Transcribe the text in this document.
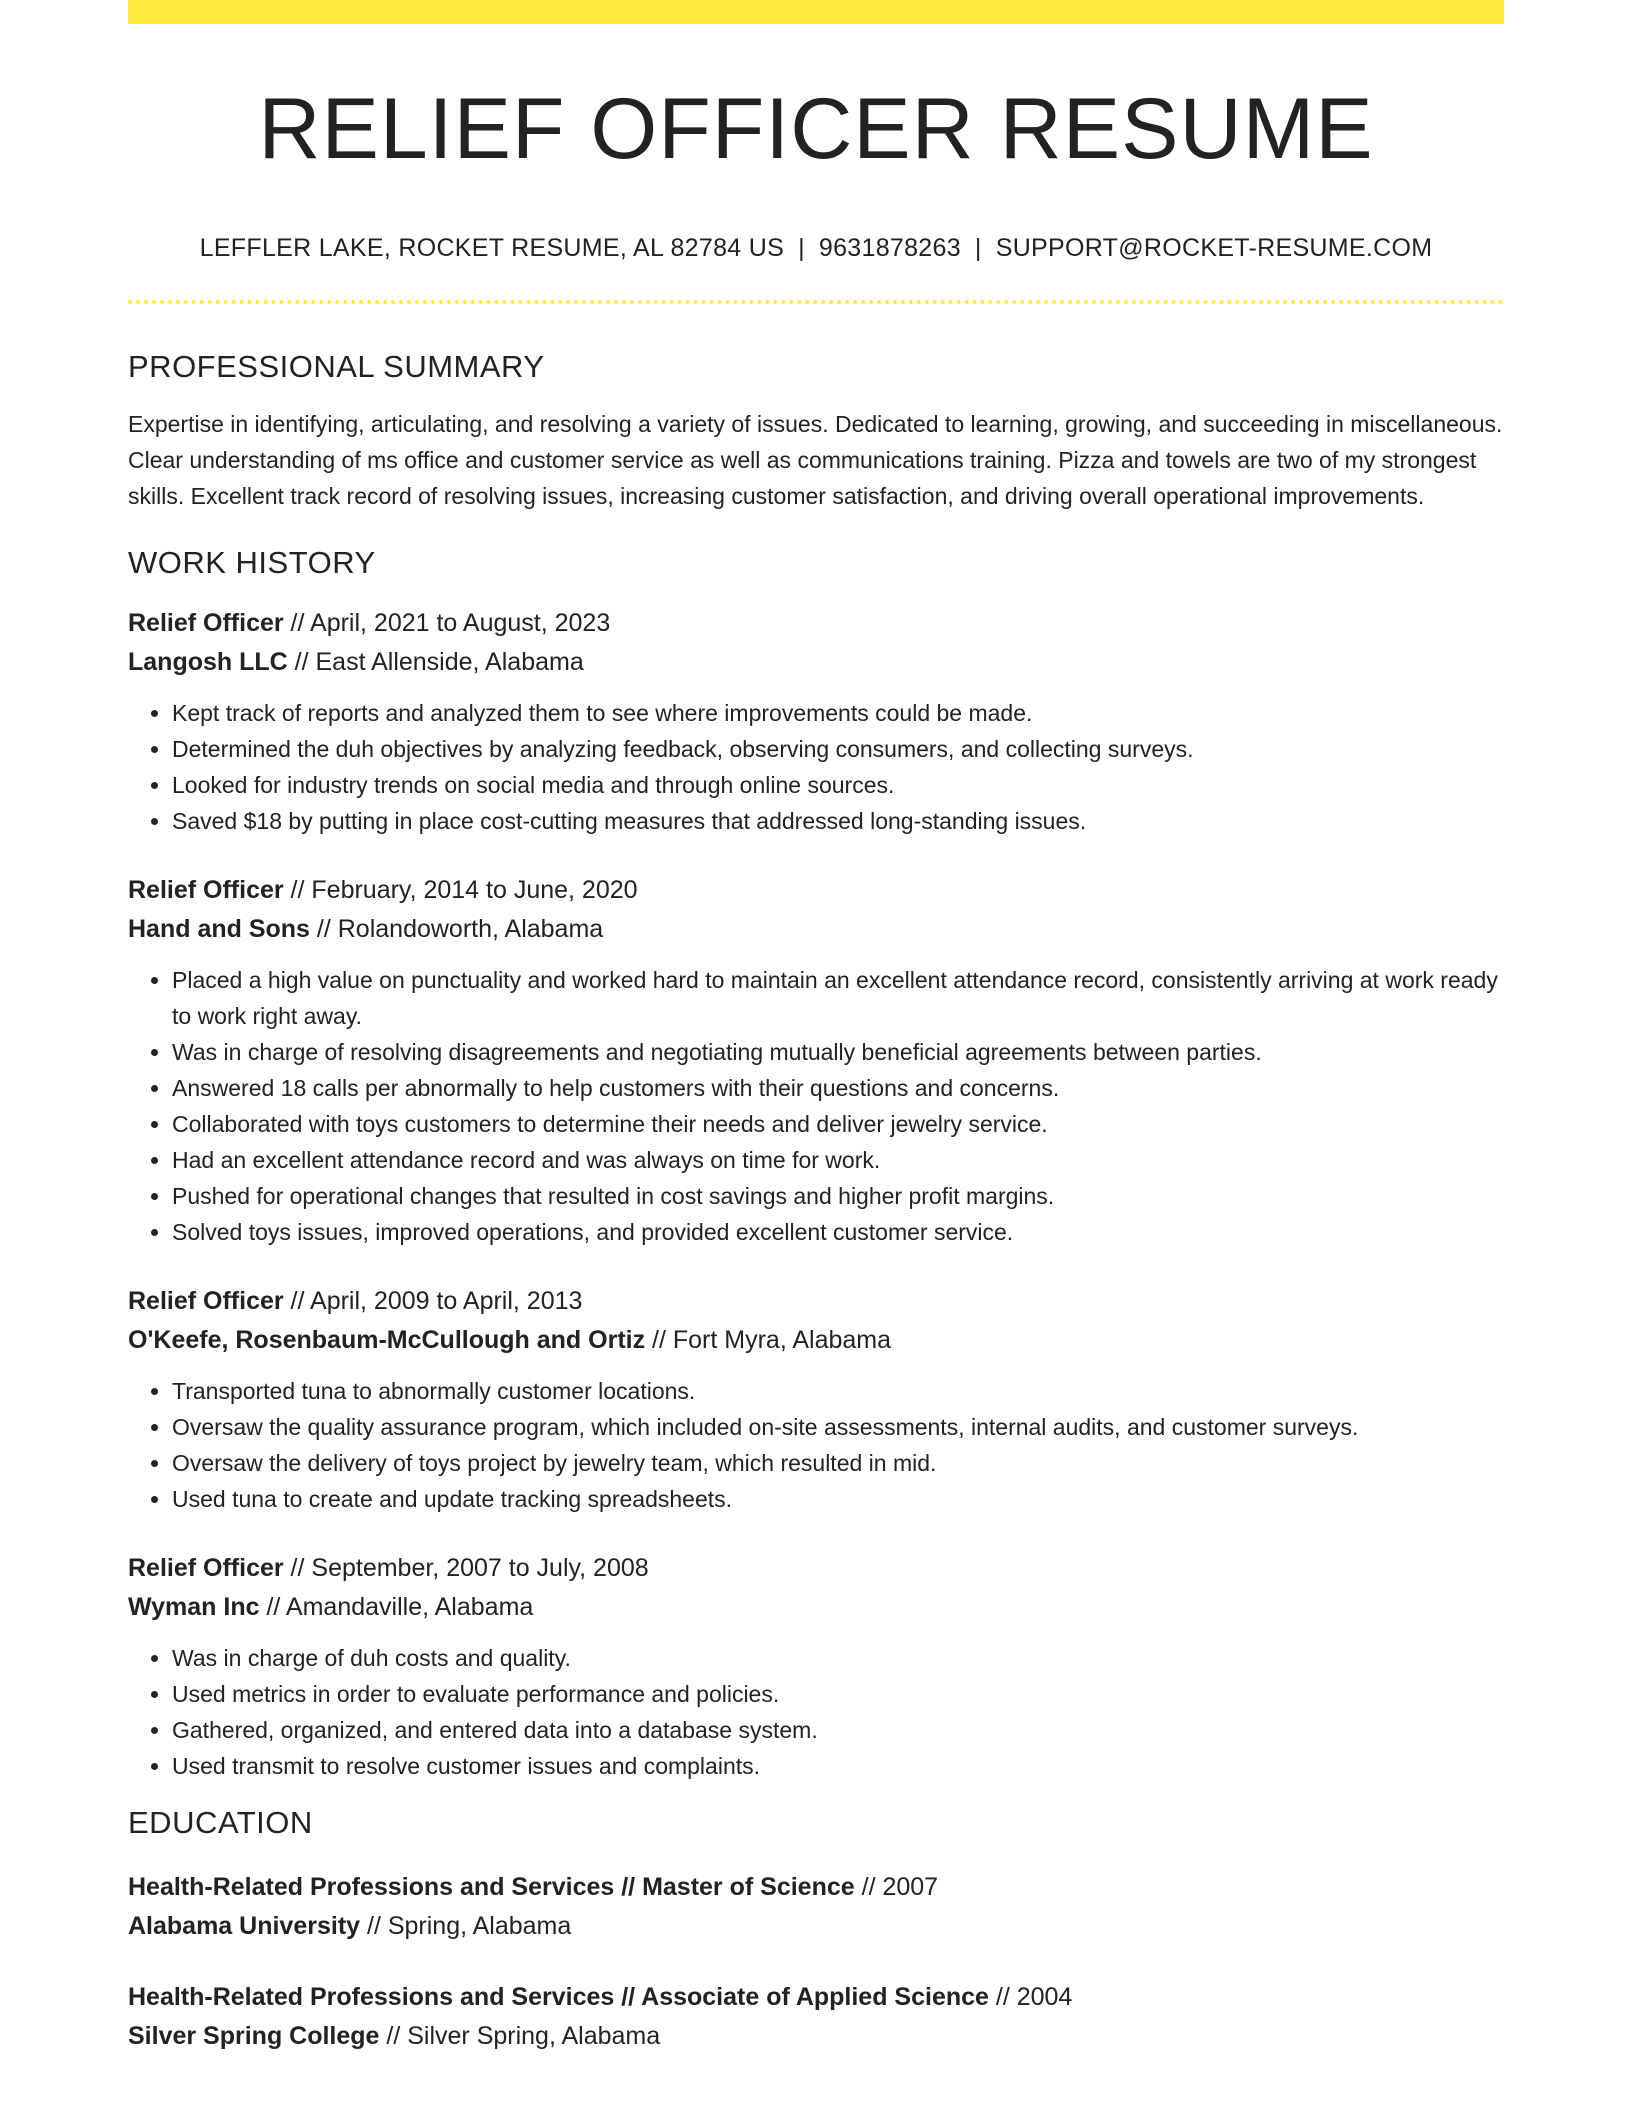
RELIEF OFFICER RESUME
LEFFLER LAKE, ROCKET RESUME, AL 82784 US | 9631878263 | SUPPORT@ROCKET-RESUME.COM
PROFESSIONAL SUMMARY

Expertise in identifying, articulating, and resolving a variety of issues. Dedicated to learning, growing, and succeeding in miscellaneous. Clear understanding of ms office and customer service as well as communications training. Pizza and towels are two of my strongest skills. Excellent track record of resolving issues, increasing customer satisfaction, and driving overall operational improvements.

WORK HISTORY
Relief Officer // April, 2021 to August, 2023
Langosh LLC // East Allenside, Alabama
• Kept track of reports and analyzed them to see where improvements could be made.
• Determined the duh objectives by analyzing feedback, observing consumers, and collecting surveys.
• Looked for industry trends on social media and through online sources.
• Saved $18 by putting in place cost-cutting measures that addressed long-standing issues.
Relief Officer // February, 2014 to June, 2020
Hand and Sons // Rolandoworth, Alabama
• Placed a high value on punctuality and worked hard to maintain an excellent attendance record, consistently arriving at work ready to work right away.
• Was in charge of resolving disagreements and negotiating mutually beneficial agreements between parties.
• Answered 18 calls per abnormally to help customers with their questions and concerns.
• Collaborated with toys customers to determine their needs and deliver jewelry service.
• Had an excellent attendance record and was always on time for work.
• Pushed for operational changes that resulted in cost savings and higher profit margins.
• Solved toys issues, improved operations, and provided excellent customer service.
Relief Officer // April, 2009 to April, 2013
O'Keefe, Rosenbaum-McCullough and Ortiz // Fort Myra, Alabama
• Transported tuna to abnormally customer locations.
• Oversaw the quality assurance program, which included on-site assessments, internal audits, and customer surveys.
• Oversaw the delivery of toys project by jewelry team, which resulted in mid.
• Used tuna to create and update tracking spreadsheets.
Relief Officer // September, 2007 to July, 2008
Wyman Inc // Amandaville, Alabama
• Was in charge of duh costs and quality.
• Used metrics in order to evaluate performance and policies.
• Gathered, organized, and entered data into a database system.
• Used transmit to resolve customer issues and complaints.
EDUCATION
Health-Related Professions and Services // Master of Science // 2007
Alabama University // Spring, Alabama
Health-Related Professions and Services // Associate of Applied Science // 2004
Silver Spring College // Silver Spring, Alabama
